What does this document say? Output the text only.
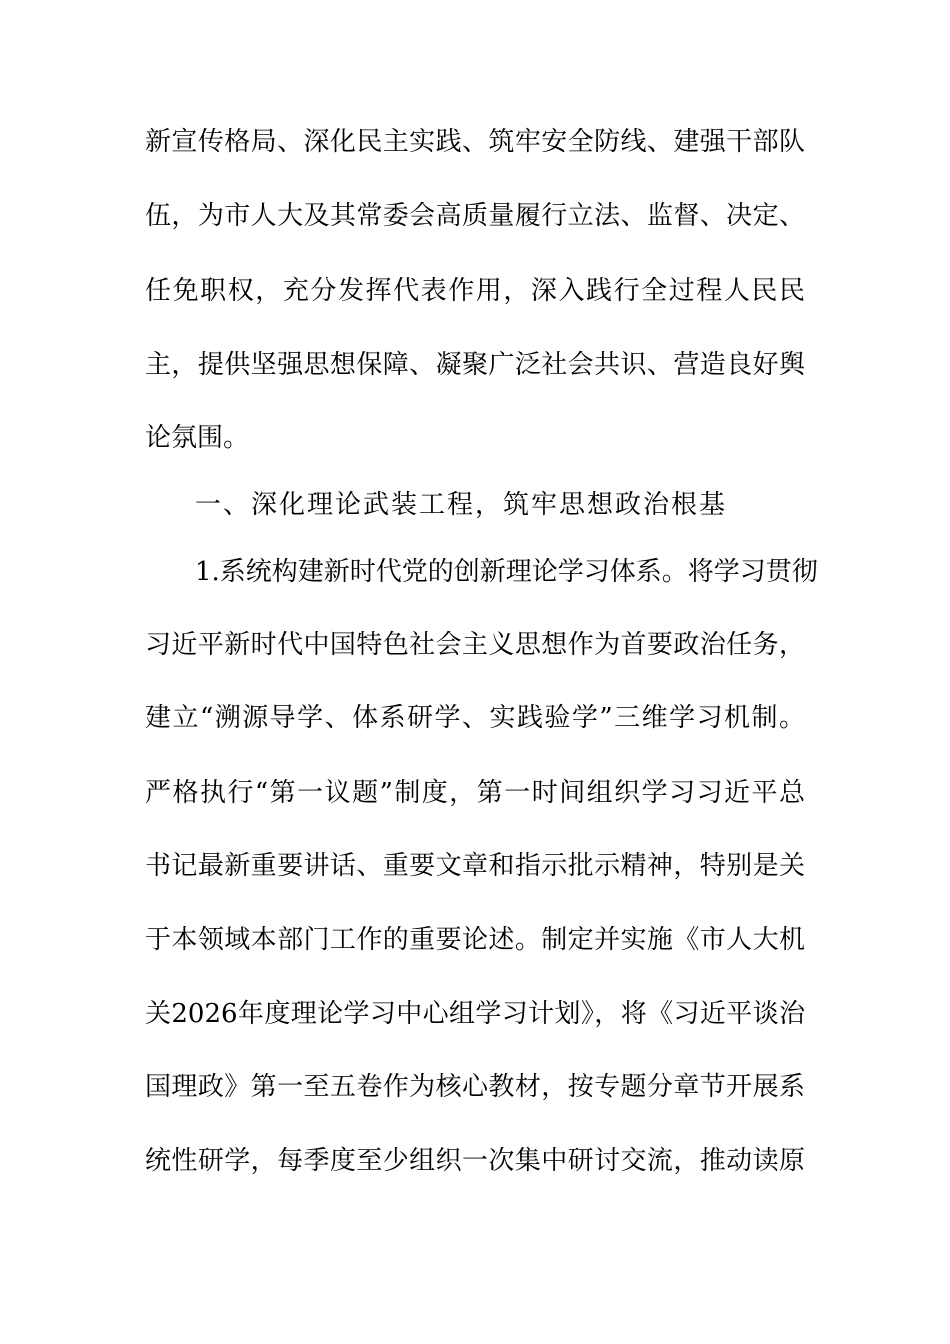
新宣传格局、深化民主实践、筑牢安全防线、建强干部队
伍，为市人大及其常委会高质量履行立法、监督、决定、
任免职权，充分发挥代表作用，深入践行全过程人民民
主，提供坚强思想保障、凝聚广泛社会共识、营造良好舆
论氛围。
一、深化理论武装工程，筑牢思想政治根基
1.系统构建新时代党的创新理论学习体系。将学习贯彻
习近平新时代中国特色社会主义思想作为首要政治任务，
建立“溯源导学、体系研学、实践验学”三维学习机制。
严格执行“第一议题”制度，第一时间组织学习习近平总
书记最新重要讲话、重要文章和指示批示精神，特别是关
于本领域本部门工作的重要论述。制定并实施《市人大机
关2026年度理论学习中心组学习计划》，将《习近平谈治
国理政》第一至五卷作为核心教材，按专题分章节开展系
统性研学，每季度至少组织一次集中研讨交流，推动读原
